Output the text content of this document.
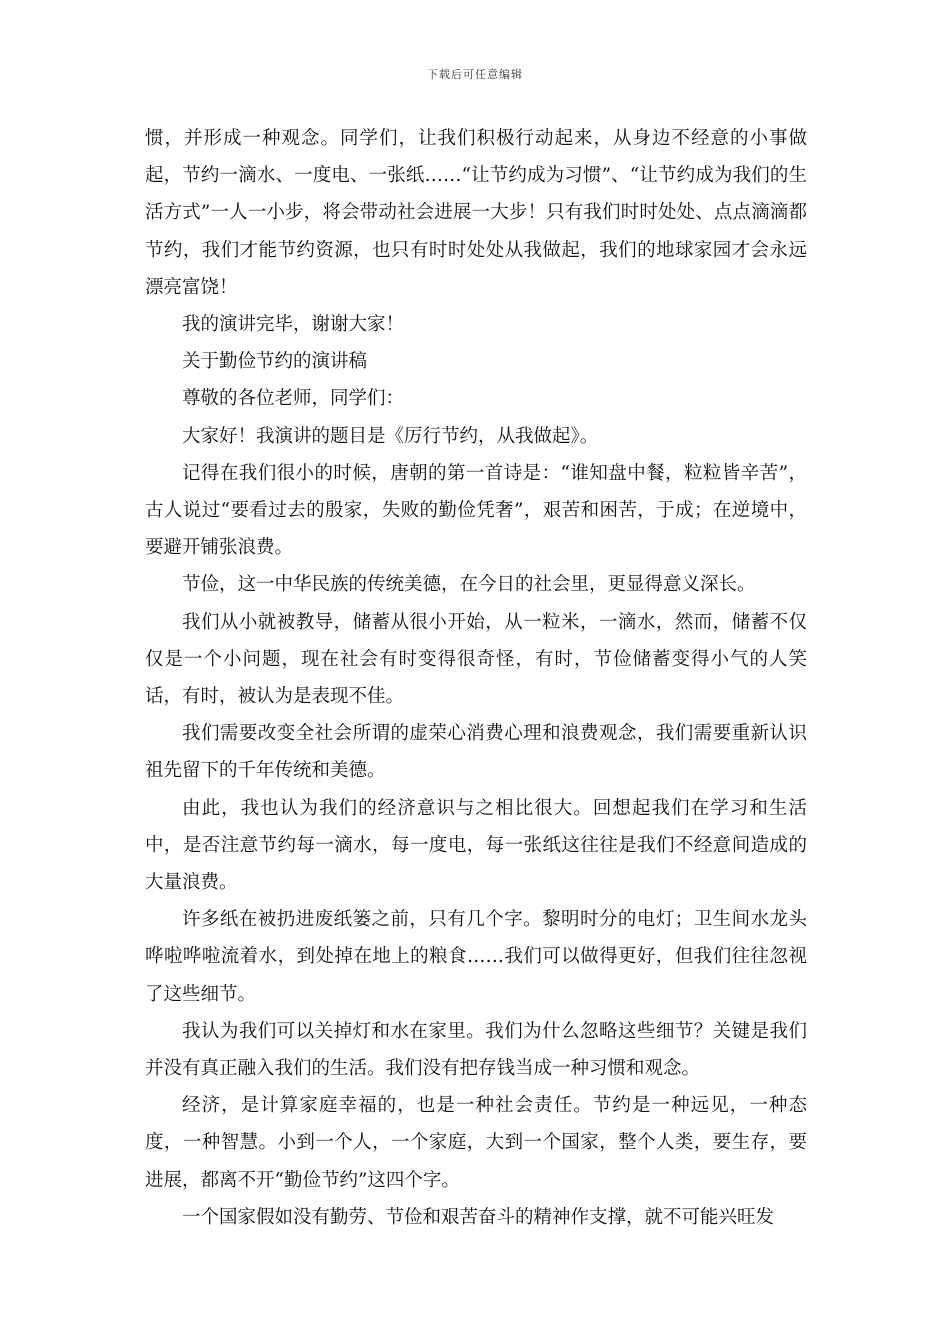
下载后可任意编辑

惯，并形成一种观念。同学们，让我们积极行动起来，从身边不经意的小事做起，节约一滴水、一度电、一张纸……“让节约成为习惯”、“让节约成为我们的生活方式”一人一小步，将会带动社会进展一大步！只有我们时时处处、点点滴滴都节约，我们才能节约资源，也只有时时处处从我做起，我们的地球家园才会永远漂亮富饶！

我的演讲完毕，谢谢大家！

关于勤俭节约的演讲稿

尊敬的各位老师，同学们：

大家好！我演讲的题目是《厉行节约，从我做起》。

记得在我们很小的时候，唐朝的第一首诗是：“谁知盘中餐，粒粒皆辛苦”，古人说过“要看过去的殷家，失败的勤俭凭奢”，艰苦和困苦，于成；在逆境中，要避开铺张浪费。

节俭，这一中华民族的传统美德，在今日的社会里，更显得意义深长。

我们从小就被教导，储蓄从很小开始，从一粒米，一滴水，然而，储蓄不仅仅是一个小问题，现在社会有时变得很奇怪，有时，节俭储蓄变得小气的人笑话，有时，被认为是表现不佳。

我们需要改变全社会所谓的虚荣心消费心理和浪费观念，我们需要重新认识祖先留下的千年传统和美德。

由此，我也认为我们的经济意识与之相比很大。回想起我们在学习和生活中，是否注意节约每一滴水，每一度电，每一张纸这往往是我们不经意间造成的大量浪费。

许多纸在被扔进废纸篓之前，只有几个字。黎明时分的电灯；卫生间水龙头哗啦哗啦流着水，到处掉在地上的粮食……我们可以做得更好，但我们往往忽视了这些细节。

我认为我们可以关掉灯和水在家里。我们为什么忽略这些细节？关键是我们并没有真正融入我们的生活。我们没有把存钱当成一种习惯和观念。

经济，是计算家庭幸福的，也是一种社会责任。节约是一种远见，一种态度，一种智慧。小到一个人，一个家庭，大到一个国家，整个人类，要生存，要进展，都离不开“勤俭节约”这四个字。

一个国家假如没有勤劳、节俭和艰苦奋斗的精神作支撑，就不可能兴旺发
